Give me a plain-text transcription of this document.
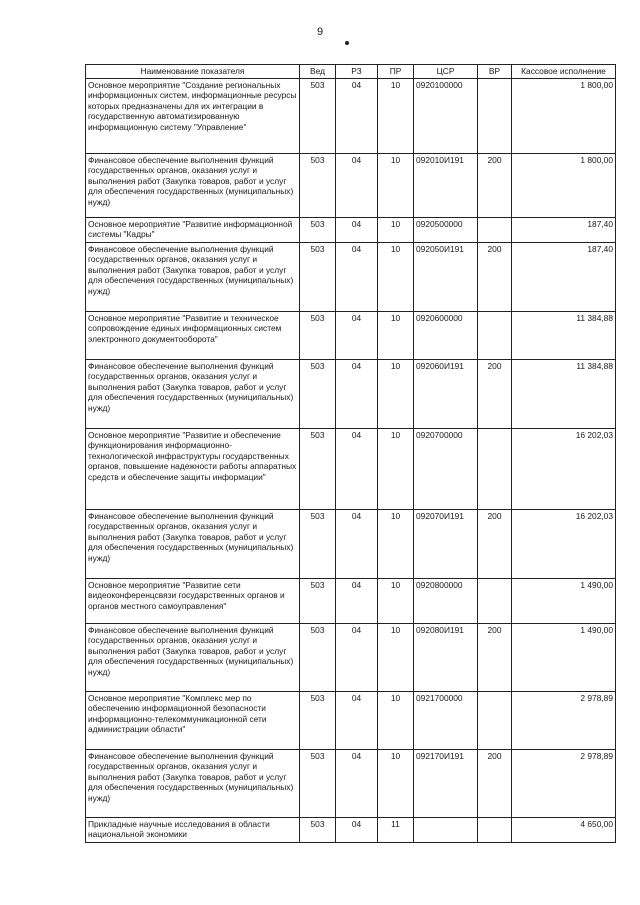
9
Наименование показателя	Вед	РЗ	ПР	ЦСР	ВР	Кассовое исполнение
Основное мероприятие "Создание региональных информационных систем, информационные ресурсы которых предназначены для их интеграции в государственную автоматизированную информационную систему "Управление"	503	04	10	0920100000		1 800,00
Финансовое обеспечение выполнения функций государственных органов, оказания услуг и выполнения работ (Закупка товаров, работ и услуг для обеспечения государственных (муниципальных) нужд)	503	04	10	092010И191	200	1 800,00
Основное мероприятие "Развитие информационной системы "Кадры"	503	04	10	0920500000		187,40
Финансовое обеспечение выполнения функций государственных органов, оказания услуг и выполнения работ (Закупка товаров, работ и услуг для обеспечения государственных (муниципальных) нужд)	503	04	10	092050И191	200	187,40
Основное мероприятие "Развитие и техническое сопровождение единых информационных систем электронного документооборота"	503	04	10	0920600000		11 384,88
Финансовое обеспечение выполнения функций государственных органов, оказания услуг и выполнения работ (Закупка товаров, работ и услуг для обеспечения государственных (муниципальных) нужд)	503	04	10	092060И191	200	11 384,88
Основное мероприятие "Развитие и обеспечение функционирования информационно-технологической инфраструктуры государственных органов, повышение надежности работы аппаратных средств и обеспечение защиты информации"	503	04	10	0920700000		16 202,03
Финансовое обеспечение выполнения функций государственных органов, оказания услуг и выполнения работ (Закупка товаров, работ и услуг для обеспечения государственных (муниципальных) нужд)	503	04	10	092070И191	200	16 202,03
Основное мероприятие "Развитие сети видеоконференцсвязи государственных органов и органов местного самоуправления"	503	04	10	0920800000		1 490,00
Финансовое обеспечение выполнения функций государственных органов, оказания услуг и выполнения работ (Закупка товаров, работ и услуг для обеспечения государственных (муниципальных) нужд)	503	04	10	092080И191	200	1 490,00
Основное мероприятие "Комплекс мер по обеспечению информационной безопасности информационно-телекоммуникационной сети администрации области"	503	04	10	0921700000		2 978,89
Финансовое обеспечение выполнения функций государственных органов, оказания услуг и выполнения работ (Закупка товаров, работ и услуг для обеспечения государственных (муниципальных) нужд)	503	04	10	092170И191	200	2 978,89
Прикладные научные исследования в области национальной экономики	503	04	11			4 650,00
